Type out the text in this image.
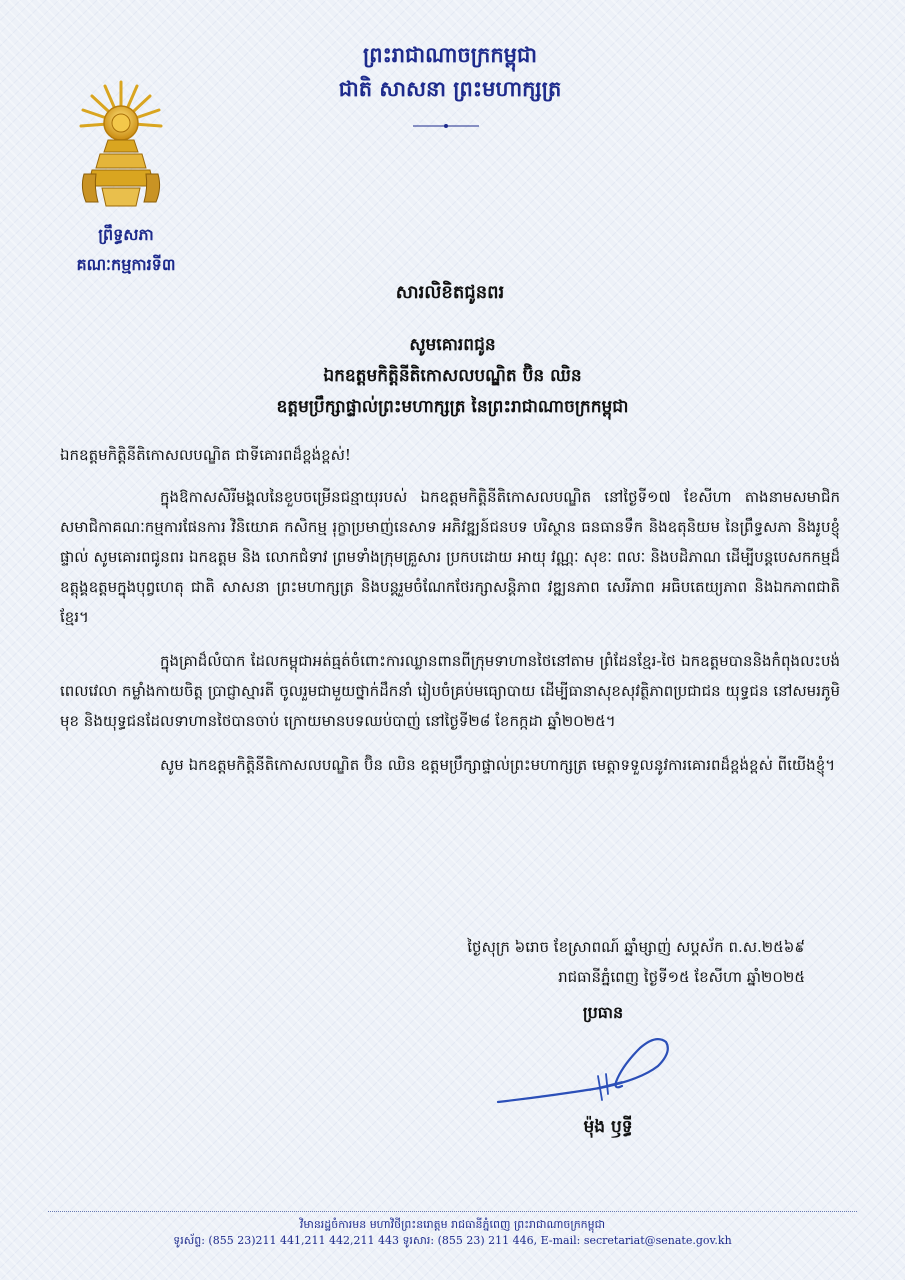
ព្រះរាជាណាចក្រកម្ពុជា
ជាតិ សាសនា ព្រះមហាក្សត្រ
ព្រឹទ្ធសភា
គណៈកម្មការទី៣
សារលិខិតជូនពរ
សូមគោរពជូន
ឯកឧត្តមកិត្តិនីតិកោសលបណ្ឌិត ប៊ិន ឈិន
ឧត្តមប្រឹក្សាផ្ទាល់ព្រះមហាក្សត្រ នៃព្រះរាជាណាចក្រកម្ពុជា

ឯកឧត្តមកិត្តិនីតិកោសលបណ្ឌិត ជាទីគោរពដ៏ខ្ពង់ខ្ពស់!

ក្នុងឱកាសសិរីមង្គលនៃខួបចម្រើនជន្មាយុរបស់ ឯកឧត្តមកិត្តិនីតិកោសលបណ្ឌិត នៅថ្ងៃទី១៧ ខែសីហា តាងនាមសមាជិក សមាជិកាគណៈកម្មការផែនការ វិនិយោគ កសិកម្ម រុក្ខាប្រមាញ់នេសាទ អភិវឌ្ឍន៍ជនបទ បរិស្ថាន ធនធានទឹក និងឧតុនិយម នៃព្រឹទ្ធសភា និងរូបខ្ញុំផ្ទាល់ សូមគោរពជូនពរ ឯកឧត្តម និង លោកជំទាវ ព្រមទាំងក្រុមគ្រួសារ ប្រកបដោយ អាយុ វណ្ណៈ សុខៈ ពលៈ និងបដិភាណ ដើម្បីបន្តបេសកកម្មដ៏ឧត្តុង្គឧត្តមក្នុងបុព្វហេតុ ជាតិ សាសនា ព្រះមហាក្សត្រ និងបន្តរួមចំណែកថែរក្សាសន្តិភាព វឌ្ឍនភាព សេរីភាព អធិបតេយ្យភាព និងឯកភាពជាតិខ្មែរ។

ក្នុងគ្រាដ៏លំបាក ដែលកម្ពុជាអត់ធ្មត់ចំពោះការឈ្លានពានពីក្រុមទាហានថៃនៅតាម ព្រំដែនខ្មែរ-ថៃ ឯកឧត្តមបាននិងកំពុងលះបង់ពេលវេលា កម្លាំងកាយចិត្ត ប្រាជ្ញាស្មារតី ចូលរួមជាមួយថ្នាក់ដឹកនាំ រៀបចំគ្រប់មធ្យោបាយ ដើម្បីធានាសុខសុវត្ថិភាពប្រជាជន យុទ្ធជន នៅសមរភូមិមុខ និងយុទ្ធជនដែលទាហានថៃបានចាប់ ក្រោយមានបទឈប់បាញ់ នៅថ្ងៃទី២៨ ខែកក្កដា ឆ្នាំ២០២៥។

សូម ឯកឧត្តមកិត្តិនីតិកោសលបណ្ឌិត ប៊ិន ឈិន ឧត្តមប្រឹក្សាផ្ទាល់ព្រះមហាក្សត្រ មេត្តាទទួលនូវការគោរពដ៏ខ្ពង់ខ្ពស់ ពីយើងខ្ញុំ។

ថ្ងៃសុក្រ ៦រោច ខែស្រាពណ៍ ឆ្នាំម្សាញ់ សប្តស័ក ព.ស.២៥៦៩
រាជធានីភ្នំពេញ ថ្ងៃទី១៥ ខែសីហា ឆ្នាំ២០២៥
ប្រធាន
ម៉ុង ឫទ្ធី
វិមានរដ្ឋចំការមន មហាវិថីព្រះនរោត្តម រាជធានីភ្នំពេញ ព្រះរាជាណាចក្រកម្ពុជា
ទូរស័ព្ទ: (855 23)211 441,211 442,211 443 ទូរសារ: (855 23) 211 446, E-mail: secretariat@senate.gov.kh
